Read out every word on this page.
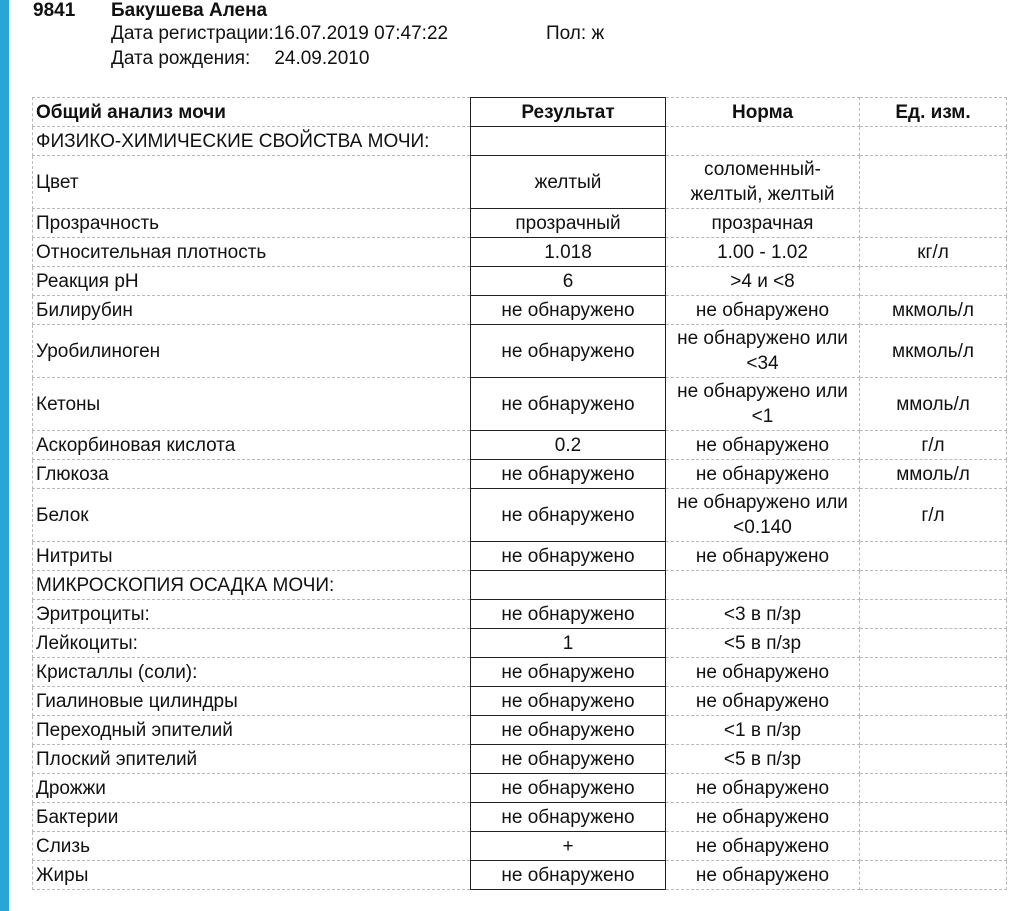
9841 Бакушева Алена
Дата регистрации:16.07.2019 07:47:22	Пол: ж
Дата рождения: 24.09.2010
Общий анализ мочи	Результат	Норма	Ед. изм.
ФИЗИКО-ХИМИЧЕСКИЕ СВОЙСТВА МОЧИ:			
Цвет	желтый	соломенный-желтый, желтый	
Прозрачность	прозрачный	прозрачная	
Относительная плотность	1.018	1.00 - 1.02	кг/л
Реакция pH	6	>4 и <8	
Билирубин	не обнаружено	не обнаружено	мкмоль/л
Уробилиноген	не обнаружено	не обнаружено или <34	мкмоль/л
Кетоны	не обнаружено	не обнаружено или <1	ммоль/л
Аскорбиновая кислота	0.2	не обнаружено	г/л
Глюкоза	не обнаружено	не обнаружено	ммоль/л
Белок	не обнаружено	не обнаружено или <0.140	г/л
Нитриты	не обнаружено	не обнаружено	
МИКРОСКОПИЯ ОСАДКА МОЧИ:			
Эритроциты:	не обнаружено	<3 в п/зр	
Лейкоциты:	1	<5 в п/зр	
Кристаллы (соли):	не обнаружено	не обнаружено	
Гиалиновые цилиндры	не обнаружено	не обнаружено	
Переходный эпителий	не обнаружено	<1 в п/зр	
Плоский эпителий	не обнаружено	<5 в п/зр	
Дрожжи	не обнаружено	не обнаружено	
Бактерии	не обнаружено	не обнаружено	
Слизь	+	не обнаружено	
Жиры	не обнаружено	не обнаружено	
